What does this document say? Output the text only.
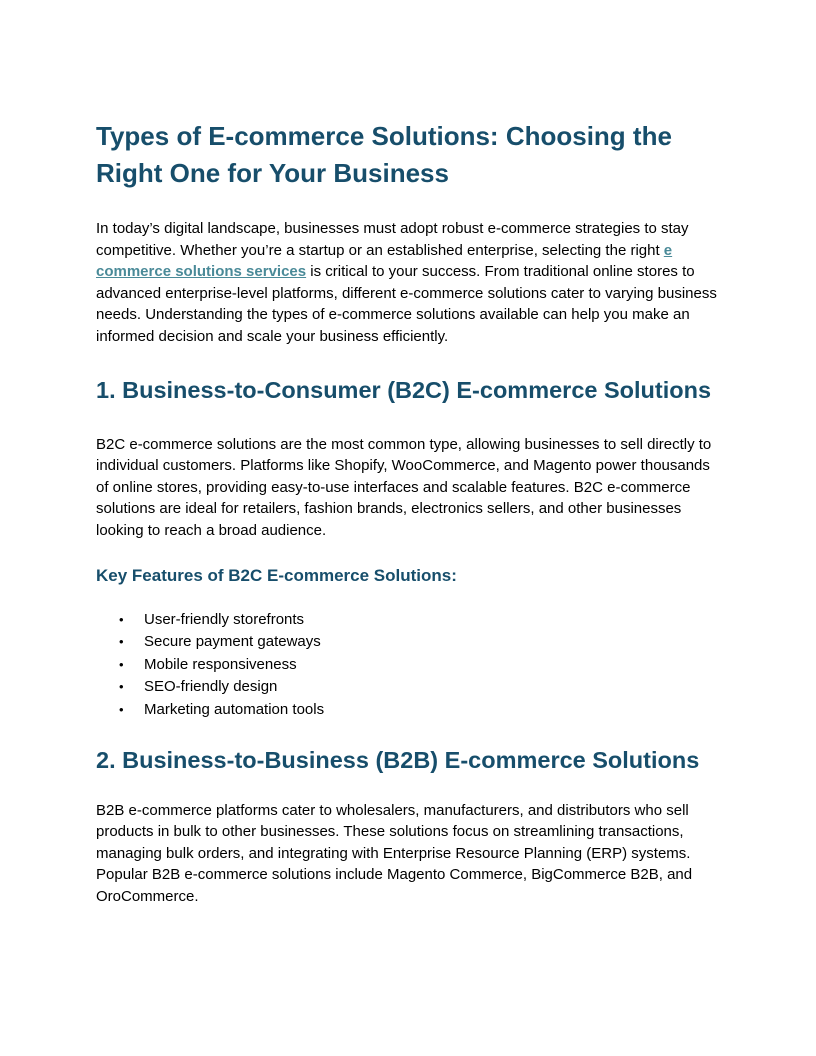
Types of E-commerce Solutions: Choosing the Right One for Your Business

In today’s digital landscape, businesses must adopt robust e-commerce strategies to stay competitive. Whether you’re a startup or an established enterprise, selecting the right e commerce solutions services is critical to your success. From traditional online stores to advanced enterprise-level platforms, different e-commerce solutions cater to varying business needs. Understanding the types of e-commerce solutions available can help you make an informed decision and scale your business efficiently.

1. Business-to-Consumer (B2C) E-commerce Solutions

B2C e-commerce solutions are the most common type, allowing businesses to sell directly to individual customers. Platforms like Shopify, WooCommerce, and Magento power thousands of online stores, providing easy-to-use interfaces and scalable features. B2C e-commerce solutions are ideal for retailers, fashion brands, electronics sellers, and other businesses looking to reach a broad audience.

Key Features of B2C E-commerce Solutions:
• User-friendly storefronts
• Secure payment gateways
• Mobile responsiveness
• SEO-friendly design
• Marketing automation tools
2. Business-to-Business (B2B) E-commerce Solutions

B2B e-commerce platforms cater to wholesalers, manufacturers, and distributors who sell products in bulk to other businesses. These solutions focus on streamlining transactions, managing bulk orders, and integrating with Enterprise Resource Planning (ERP) systems. Popular B2B e-commerce solutions include Magento Commerce, BigCommerce B2B, and OroCommerce.
